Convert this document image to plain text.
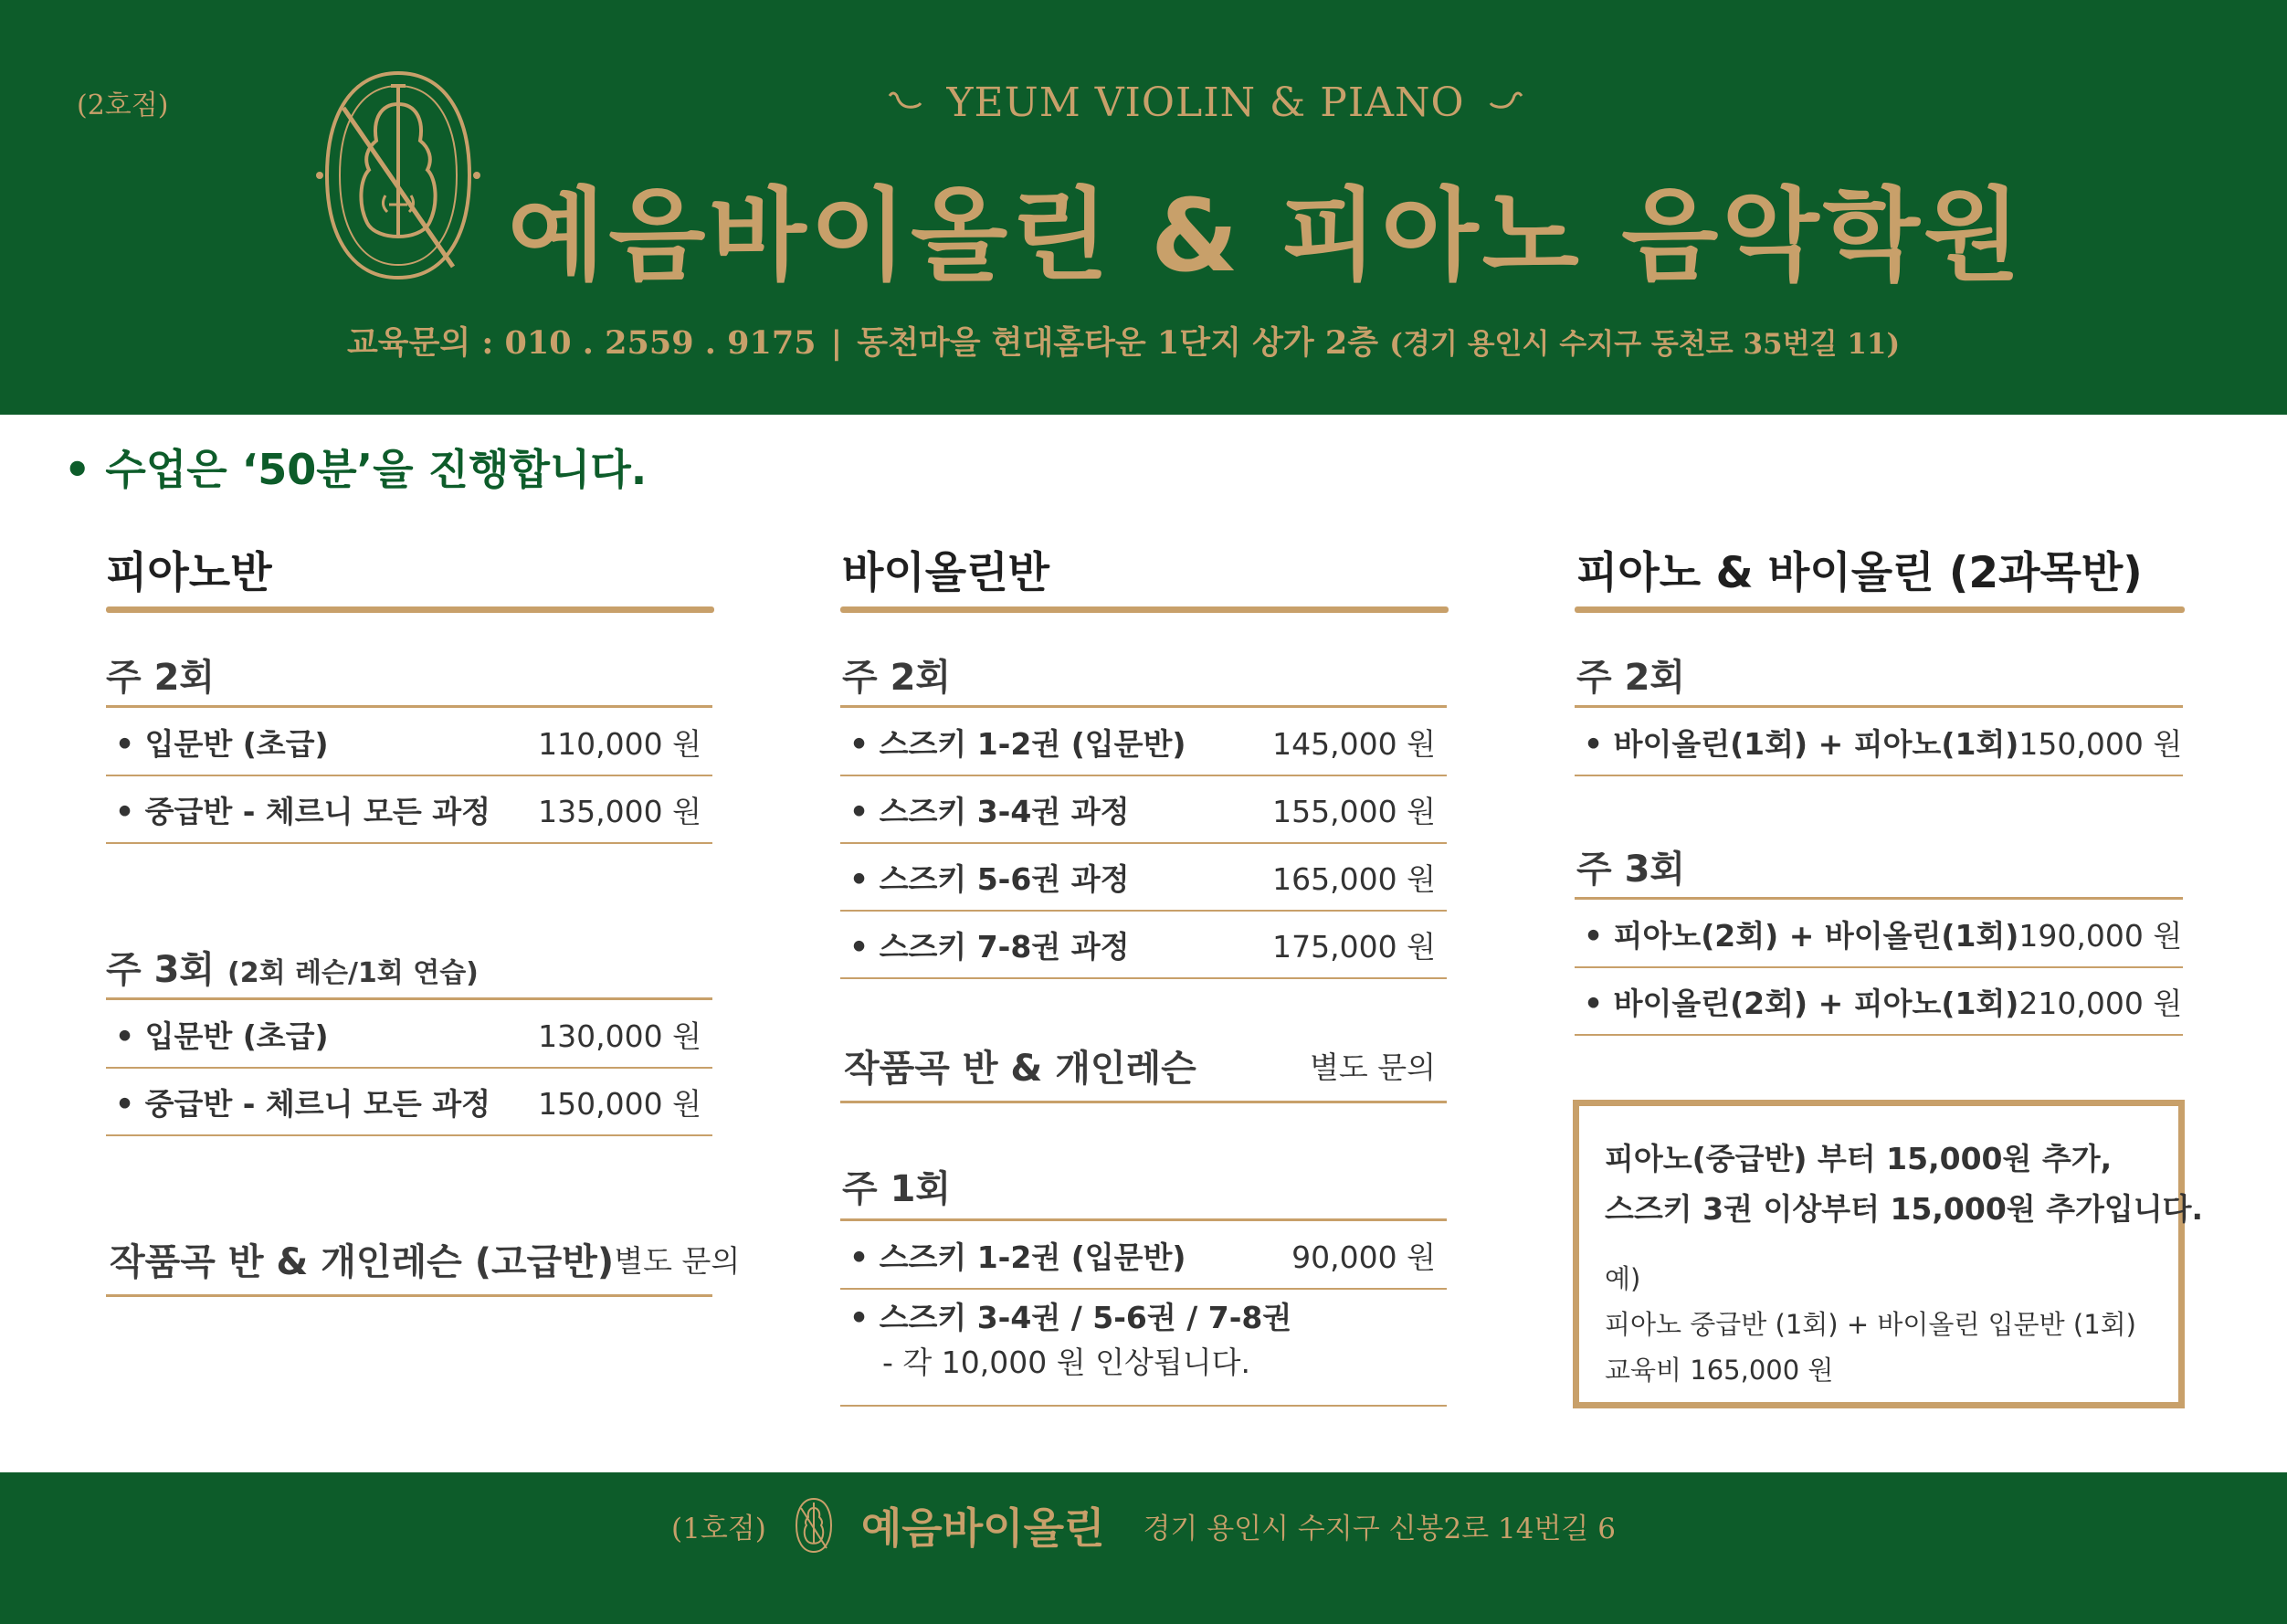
(2호점)	YEUM VIOLIN & PIANO
예음바이올린 & 피아노 음악학원
교육문의 : 010 . 2559 . 9175 | 동천마을 현대홈타운 1단지 상가 2층 (경기 용인시 수지구 동천로 35번길 11)
• 수업은 ‘50분’을 진행합니다.
피아노반
주 2회
• 입문반 (초급)	110,000 원
• 중급반 - 체르니 모든 과정 135,000 원
주 3회 (2회 레슨/1회 연습)
• 입문반 (초급)	130,000 원
• 중급반 - 체르니 모든 과정 150,000 원
작품곡 반 & 개인레슨 (고급반) 별도 문의
바이올린반
주 2회
• 스즈키 1-2권 (입문반)	145,000 원
• 스즈키 3-4권 과정	155,000 원
• 스즈키 5-6권 과정	165,000 원
• 스즈키 7-8권 과정	175,000 원
작품곡 반 & 개인레슨	별도 문의
주 1회
• 스즈키 1-2권 (입문반)	90,000 원
• 스즈키 3-4권 / 5-6권 / 7-8권
- 각 10,000 원 인상됩니다.
피아노 & 바이올린 (2과목반)
주 2회
• 바이올린(1회) + 피아노(1회) 150,000 원
주 3회
• 피아노(2회) + 바이올린(1회) 190,000 원
• 바이올린(2회) + 피아노(1회) 210,000 원
피아노(중급반) 부터 15,000원 추가,
스즈키 3권 이상부터 15,000원 추가입니다.
예)
피아노 중급반 (1회) + 바이올린 입문반 (1회)
교육비 165,000 원
(1호점) 예음바이올린 경기 용인시 수지구 신봉2로 14번길 6
